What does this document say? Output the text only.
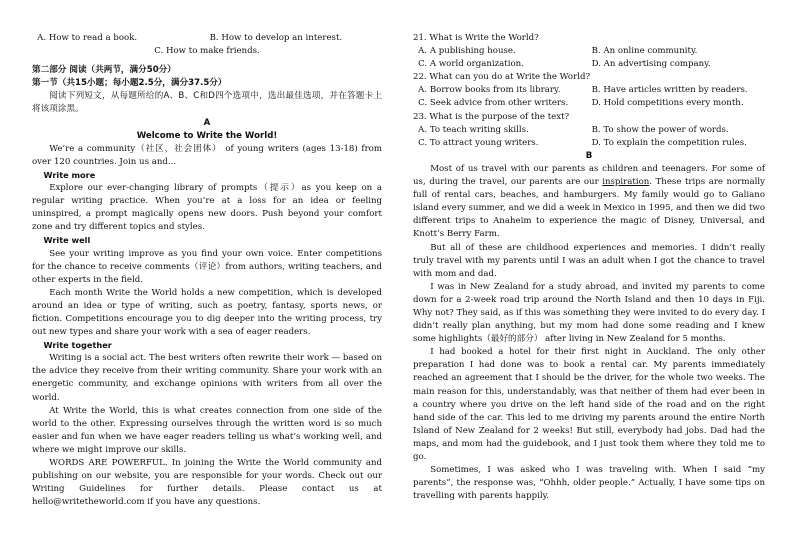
A. How to read a book.	B. How to develop an interest.

C. How to make friends.

第二部分 阅读（共两节，满分50分）

第一节（共15小题；每小题2.5分，满分37.5分）

阅读下列短文，从每题所给的A、B、C和D四个选项中，选出最佳选项，并在答题卡上将该项涂黑。

A

Welcome to Write the World!

We’re a community（社区，社会团体） of young writers (ages 13-18) from over 120 countries. Join us and...

Write more

Explore our ever-changing library of prompts（提示）as you keep on a regular writing practice. When you’re at a loss for an idea or feeling uninspired, a prompt magically opens new doors. Push beyond your comfort zone and try different topics and styles.

Write well

See your writing improve as you find your own voice. Enter competitions for the chance to receive comments（评论）from authors, writing teachers, and other experts in the field.

Each month Write the World holds a new competition, which is developed around an idea or type of writing, such as poetry, fantasy, sports news, or fiction. Competitions encourage you to dig deeper into the writing process, try out new types and share your work with a sea of eager readers.

Write together

Writing is a social act. The best writers often rewrite their work — based on the advice they receive from their writing community. Share your work with an energetic community, and exchange opinions with writers from all over the world.

At Write the World, this is what creates connection from one side of the world to the other. Expressing ourselves through the written word is so much easier and fun when we have eager readers telling us what’s working well, and where we might improve our skills.

WORDS ARE POWERFUL. In joining the Write the World community and publishing on our website, you are responsible for your words. Check out our Writing Guidelines for further details. Please contact us at hello@writetheworld.com if you have any questions.

21. What is Write the World?

A. A publishing house.	B. An online community.
C. A world organization.	D. An advertising company.

22. What can you do at Write the World?

A. Borrow books from its library.	B. Have articles written by readers.
C. Seek advice from other writers.	D. Hold competitions every month.

23. What is the purpose of the text?

A. To teach writing skills.	B. To show the power of words.
C. To attract young writers.	D. To explain the competition rules.

B

Most of us travel with our parents as children and teenagers. For some of us, during the travel, our parents are our inspiration. These trips are normally full of rental cars, beaches, and hamburgers. My family would go to Galiano island every summer, and we did a week in Mexico in 1995, and then we did two different trips to Anaheim to experience the magic of Disney, Universal, and Knott’s Berry Farm.

But all of these are childhood experiences and memories. I didn’t really truly travel with my parents until I was an adult when I got the chance to travel with mom and dad.

I was in New Zealand for a study abroad, and invited my parents to come down for a 2-week road trip around the North Island and then 10 days in Fiji. Why not? They said, as if this was something they were invited to do every day. I didn’t really plan anything, but my mom had done some reading and I knew some highlights（最好的部分） after living in New Zealand for 5 months.

I had booked a hotel for their first night in Auckland. The only other preparation I had done was to book a rental car. My parents immediately reached an agreement that I should be the driver, for the whole two weeks. The main reason for this, understandably, was that neither of them had ever been in a country where you drive on the left hand side of the road and on the right hand side of the car. This led to me driving my parents around the entire North Island of New Zealand for 2 weeks! But still, everybody had jobs. Dad had the maps, and mom had the guidebook, and I just took them where they told me to go.

Sometimes, I was asked who I was traveling with. When I said “my parents”, the response was, “Ohhh, older people.” Actually, I have some tips on travelling with parents happily.
